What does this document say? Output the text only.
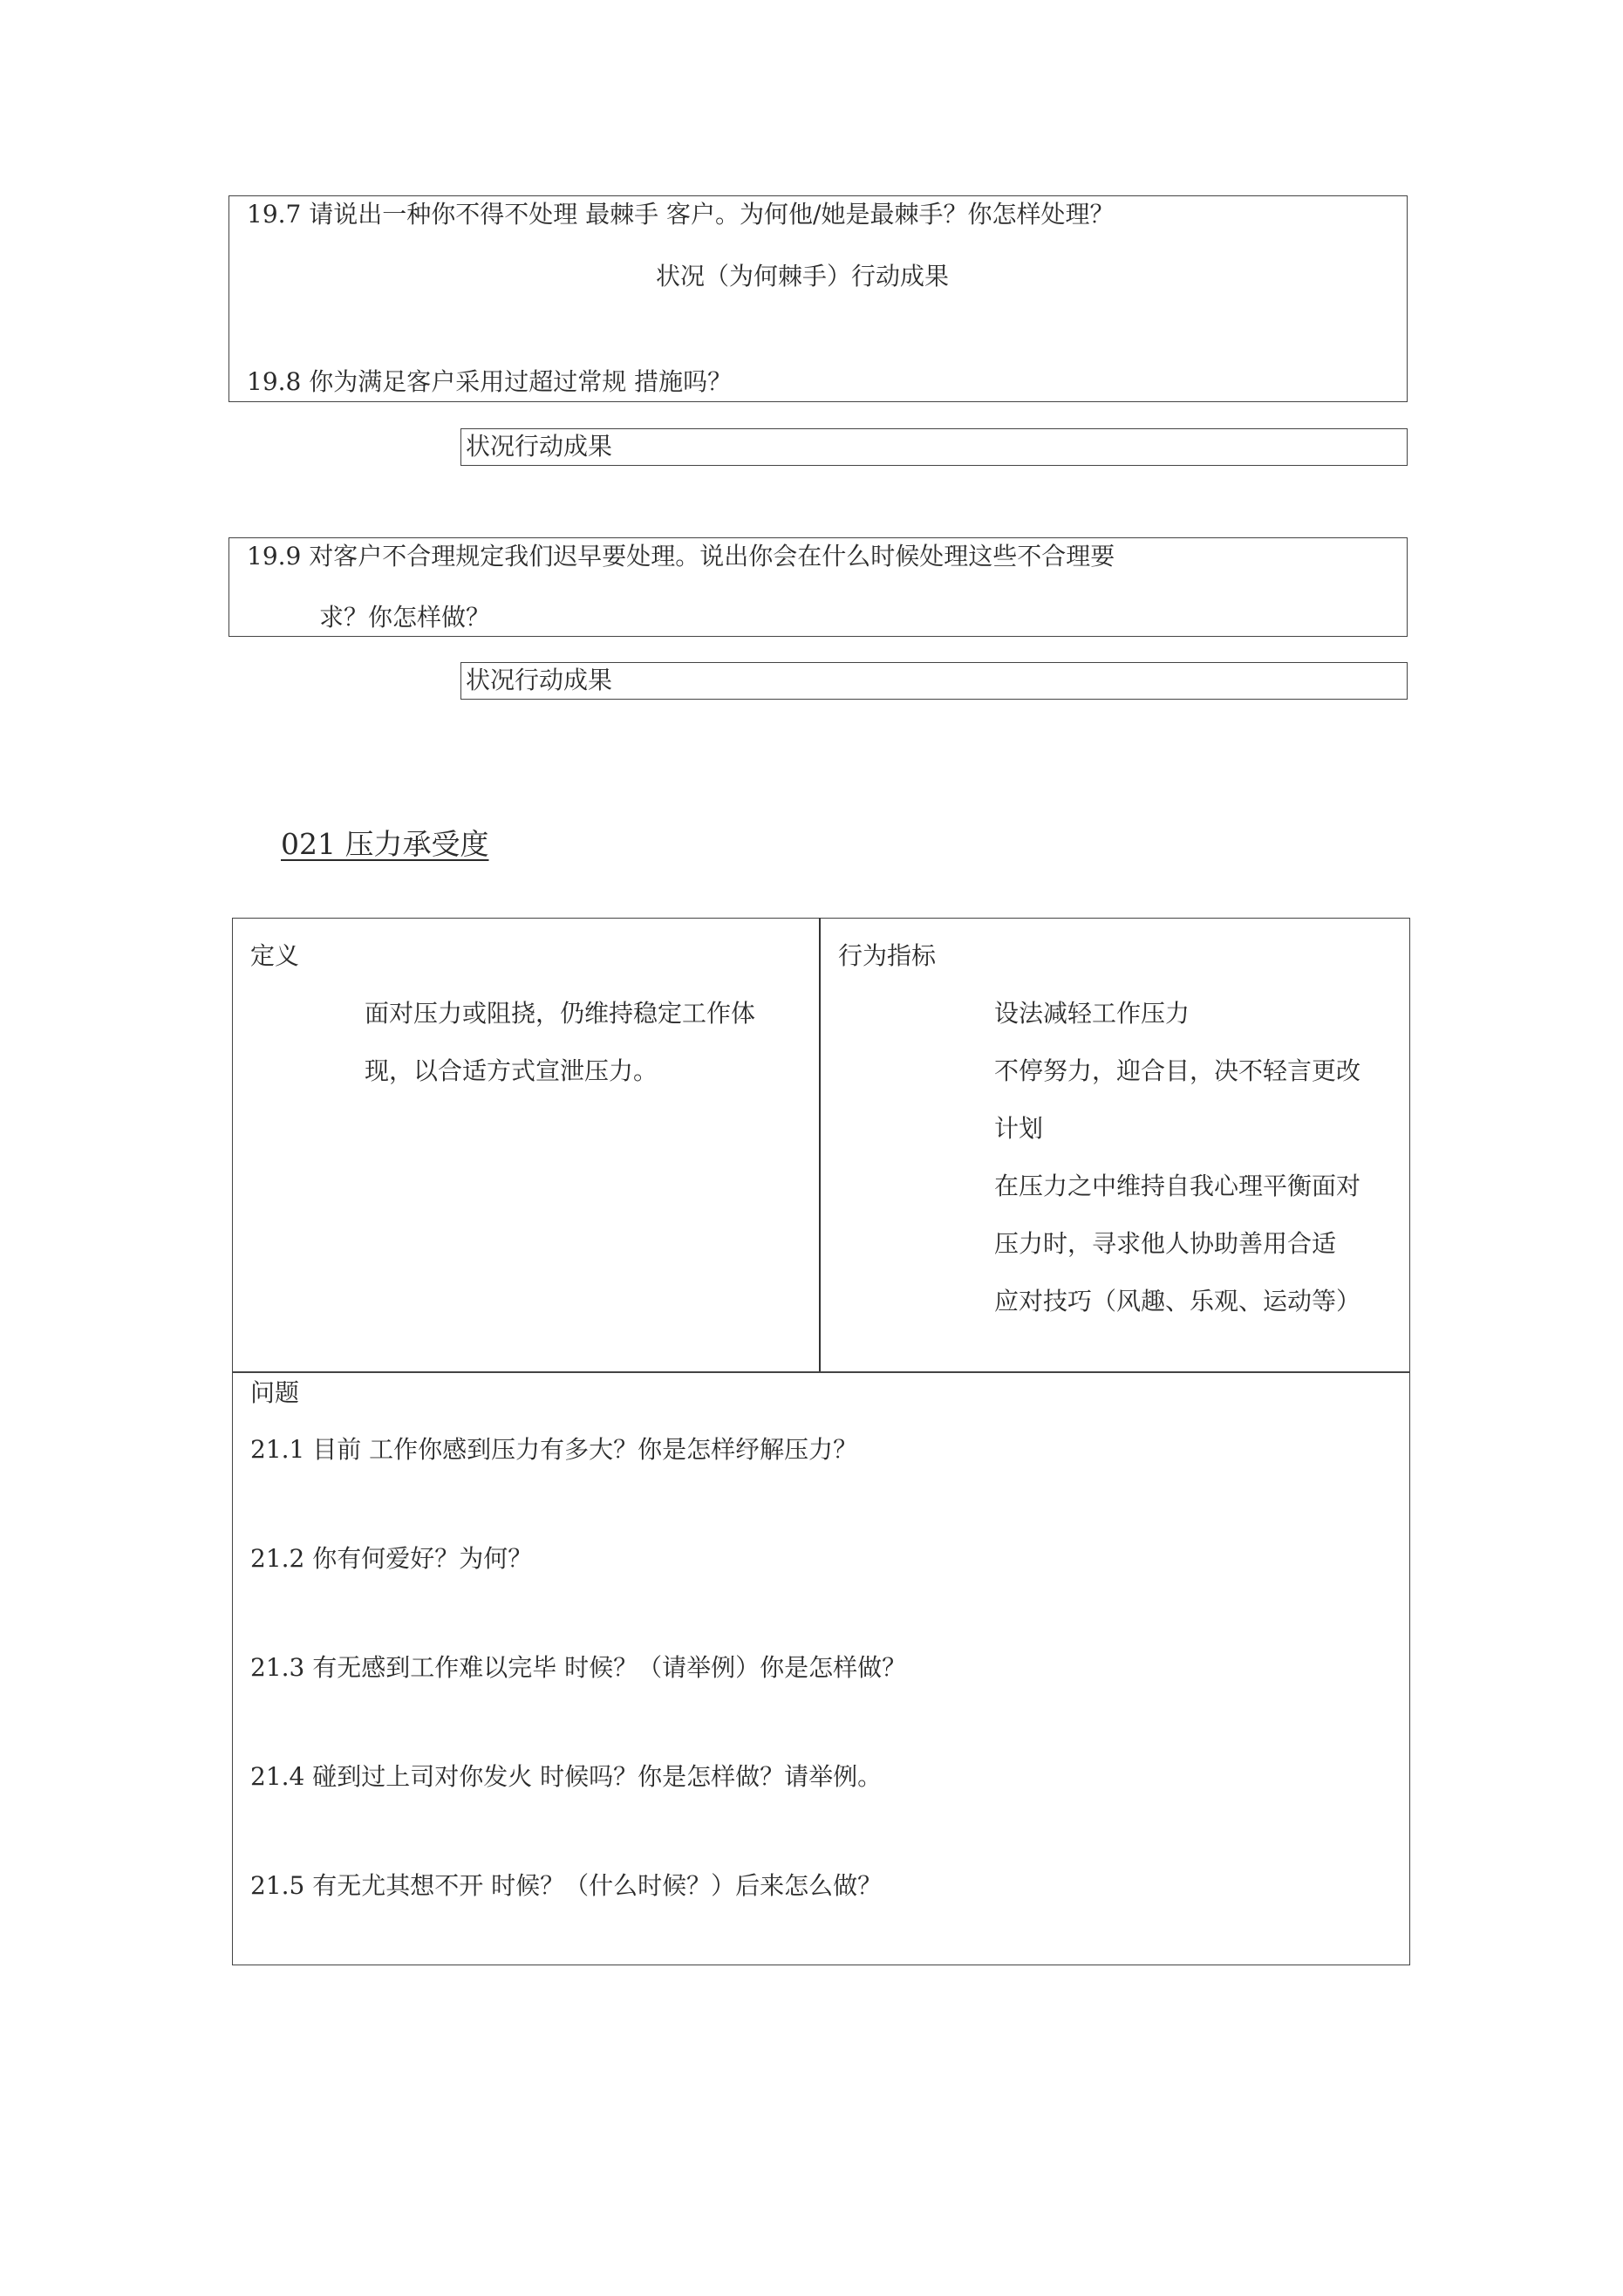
19.7 请说出一种你不得不处理 最棘手 客户。为何他/她是最棘手？你怎样处理？
状况（为何棘手）行动成果
19.8 你为满足客户采用过超过常规 措施吗？
状况行动成果
19.9 对客户不合理规定我们迟早要处理。说出你会在什么时候处理这些不合理要
求？你怎样做？
状况行动成果
021 压力承受度
定义
面对压力或阻挠，仍维持稳定工作体
现，以合适方式宣泄压力。
行为指标
设法减轻工作压力
不停努力，迎合目，决不轻言更改
计划
在压力之中维持自我心理平衡面对
压力时，寻求他人协助善用合适
应对技巧（风趣、乐观、运动等）
问题
21.1 目前 工作你感到压力有多大？你是怎样纾解压力？
21.2 你有何爱好？为何？
21.3 有无感到工作难以完毕 时候？（请举例）你是怎样做？
21.4 碰到过上司对你发火 时候吗？你是怎样做？请举例。
21.5 有无尤其想不开 时候？（什么时候？）后来怎么做？
